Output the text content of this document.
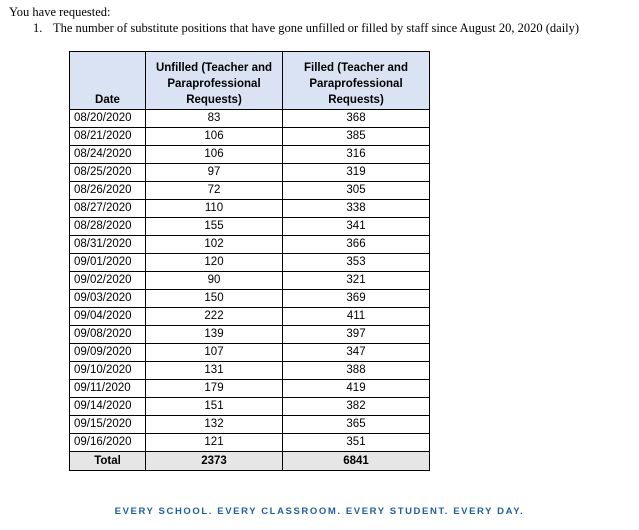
You have requested:
1. The number of substitute positions that have gone unfilled or filled by staff since August 20, 2020 (daily)
Date	Unfilled (Teacher and Paraprofessional Requests)	Filled (Teacher and Paraprofessional Requests)
08/20/2020	83	368
08/21/2020	106	385
08/24/2020	106	316
08/25/2020	97	319
08/26/2020	72	305
08/27/2020	110	338
08/28/2020	155	341
08/31/2020	102	366
09/01/2020	120	353
09/02/2020	90	321
09/03/2020	150	369
09/04/2020	222	411
09/08/2020	139	397
09/09/2020	107	347
09/10/2020	131	388
09/11/2020	179	419
09/14/2020	151	382
09/15/2020	132	365
09/16/2020	121	351
Total	2373	6841
EVERY SCHOOL. EVERY CLASSROOM. EVERY STUDENT. EVERY DAY.
